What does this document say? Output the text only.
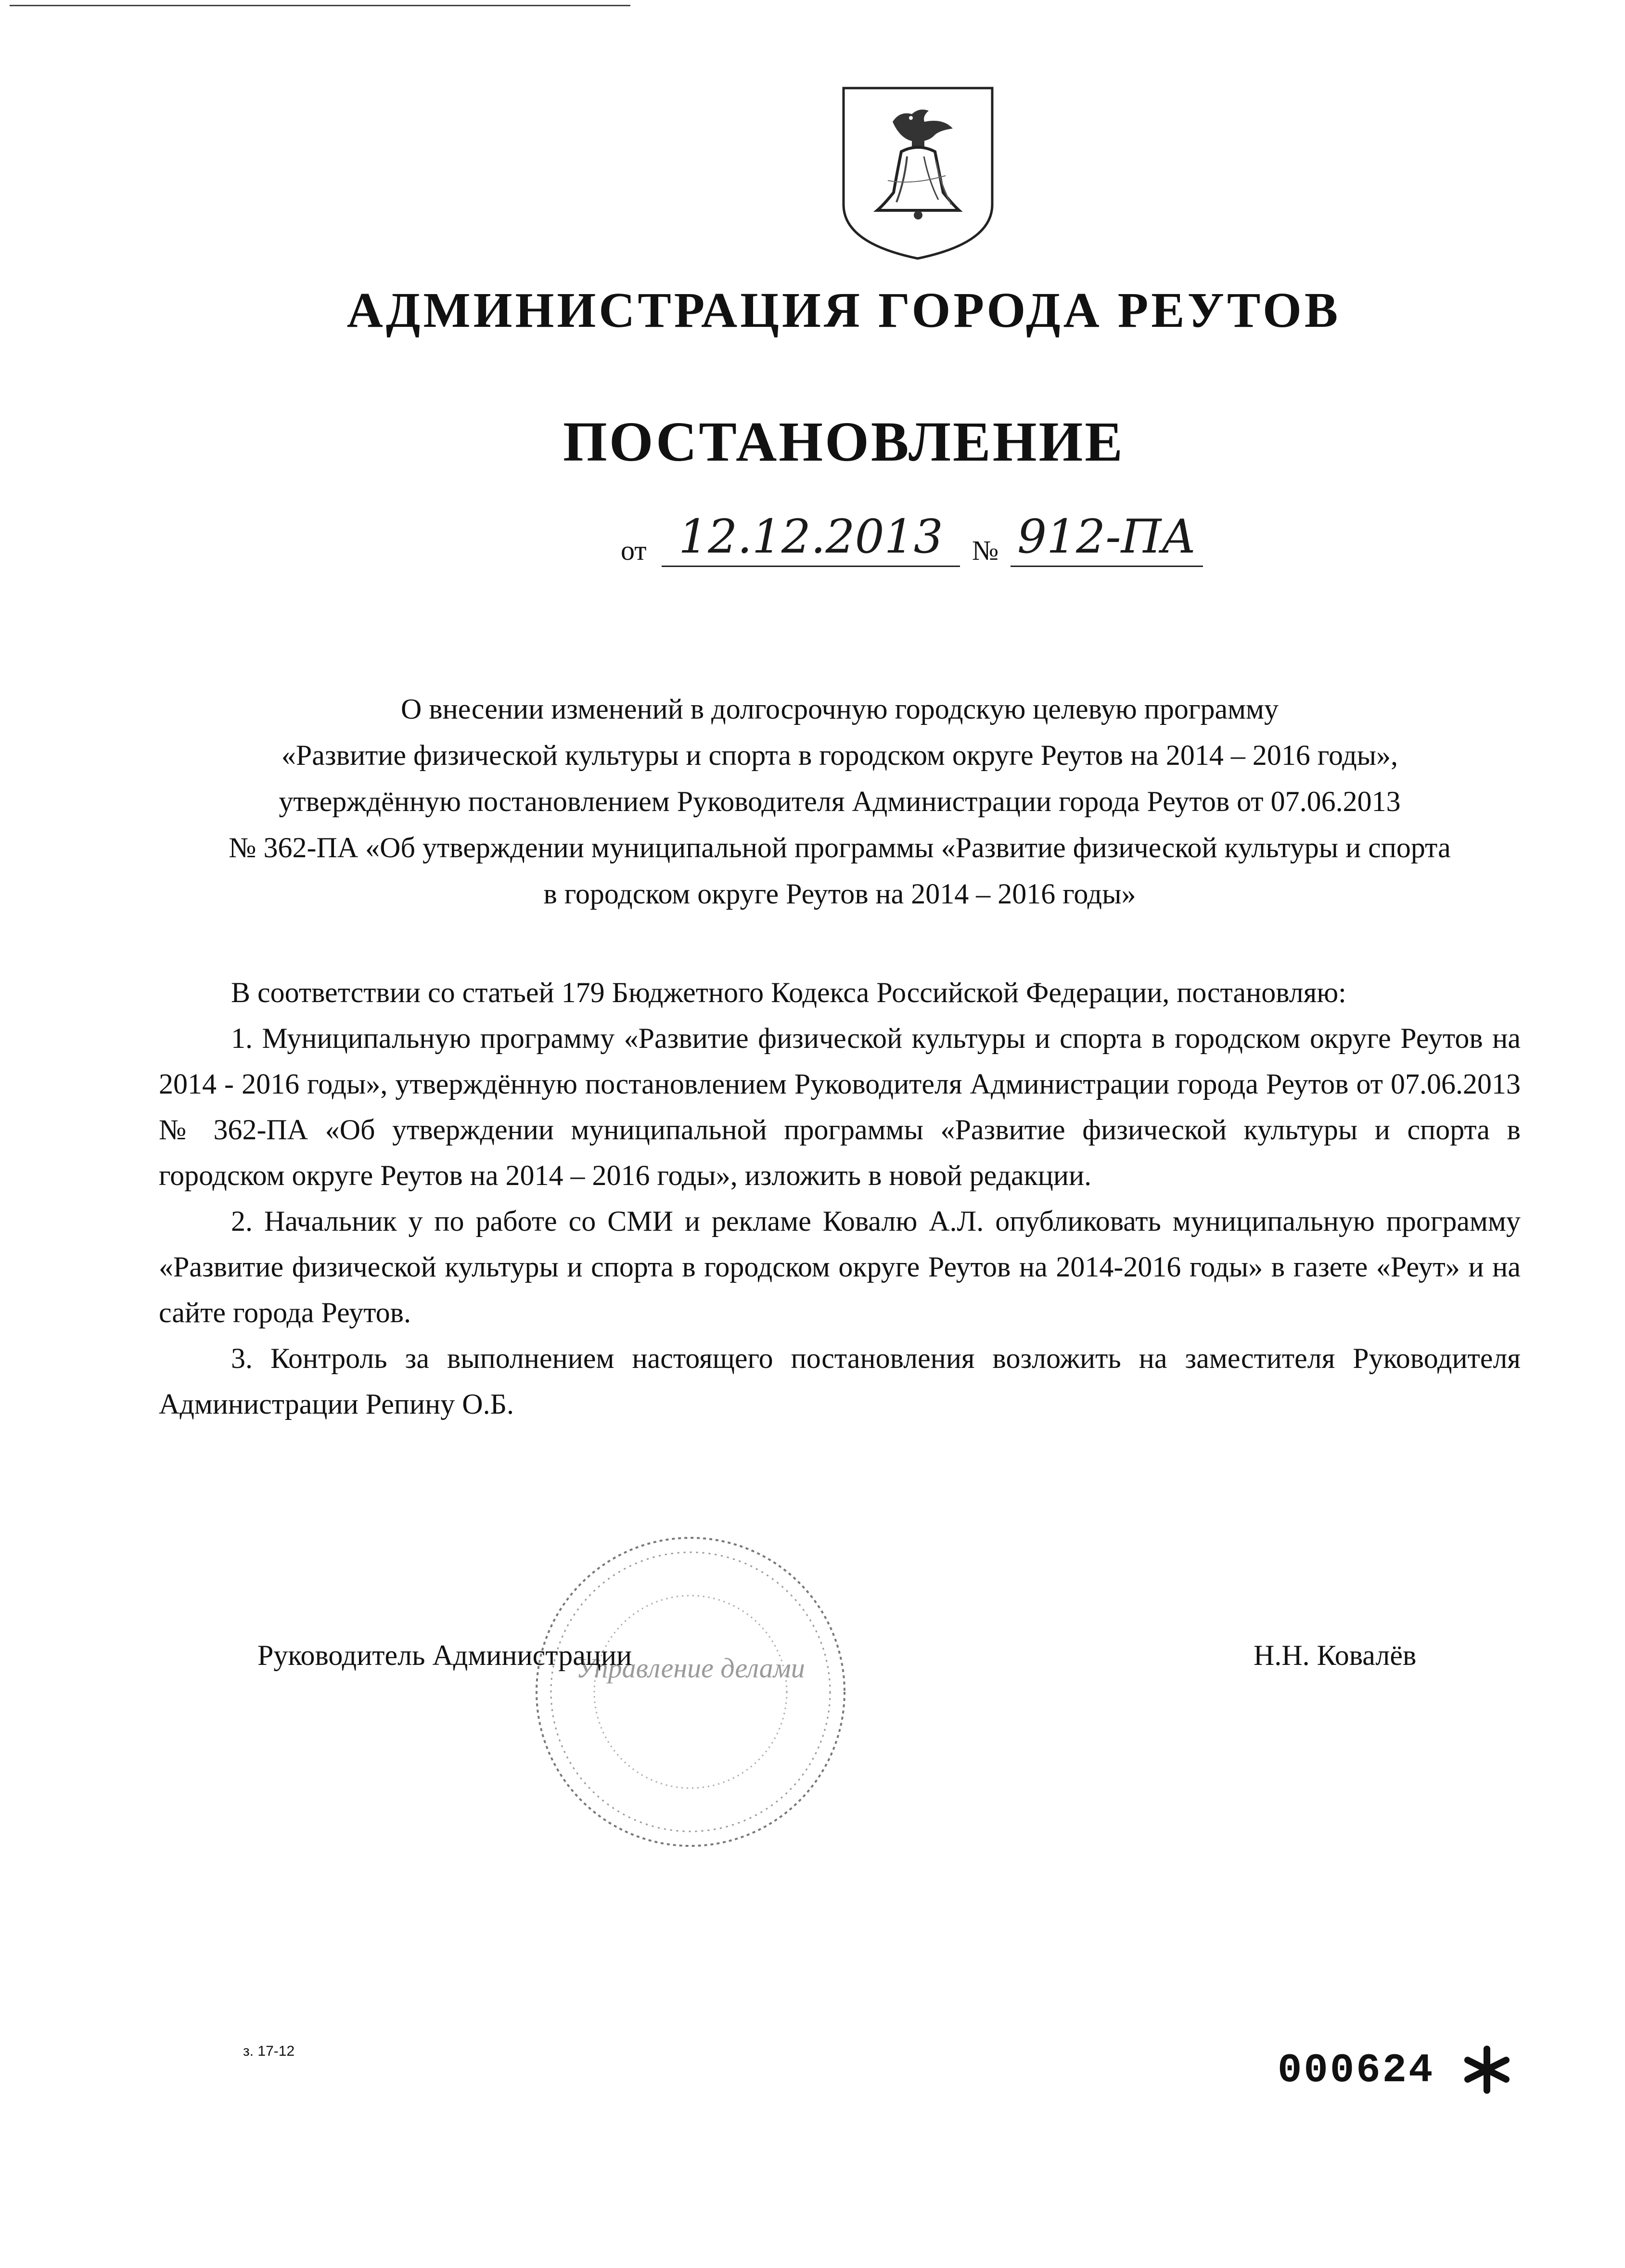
АДМИНИСТРАЦИЯ ГОРОДА РЕУТОВ
ПОСТАНОВЛЕНИЕ
от 12.12.2013	№ 912-ПА
О внесении изменений в долгосрочную городскую целевую программу
«Развитие физической культуры и спорта в городском округе Реутов на 2014 – 2016 годы»,
утверждённую постановлением Руководителя Администрации города Реутов от 07.06.2013
№ 362-ПА «Об утверждении муниципальной программы «Развитие физической культуры и спорта
в городском округе Реутов на 2014 – 2016 годы»

В соответствии со статьей 179 Бюджетного Кодекса Российской Федерации, постановляю:

1. Муниципальную программу «Развитие физической культуры и спорта в городском округе Реутов на 2014 - 2016 годы», утверждённую постановлением Руководителя Администрации города Реутов от 07.06.2013 № 362-ПА «Об утверждении муниципальной программы «Развитие физической культуры и спорта в городском округе Реутов на 2014 – 2016 годы», изложить в новой редакции.

2. Начальник у по работе со СМИ и рекламе Ковалю А.Л. опубликовать муниципальную программу «Развитие физической культуры и спорта в городском округе Реутов на 2014-2016 годы» в газете «Реут» и на сайте города Реутов.

3. Контроль за выполнением настоящего постановления возложить на заместителя Руководителя Администрации Репину О.Б.

Управление делами
Руководитель Администрации	Н.Н. Ковалёв
з. 17-12	000624
